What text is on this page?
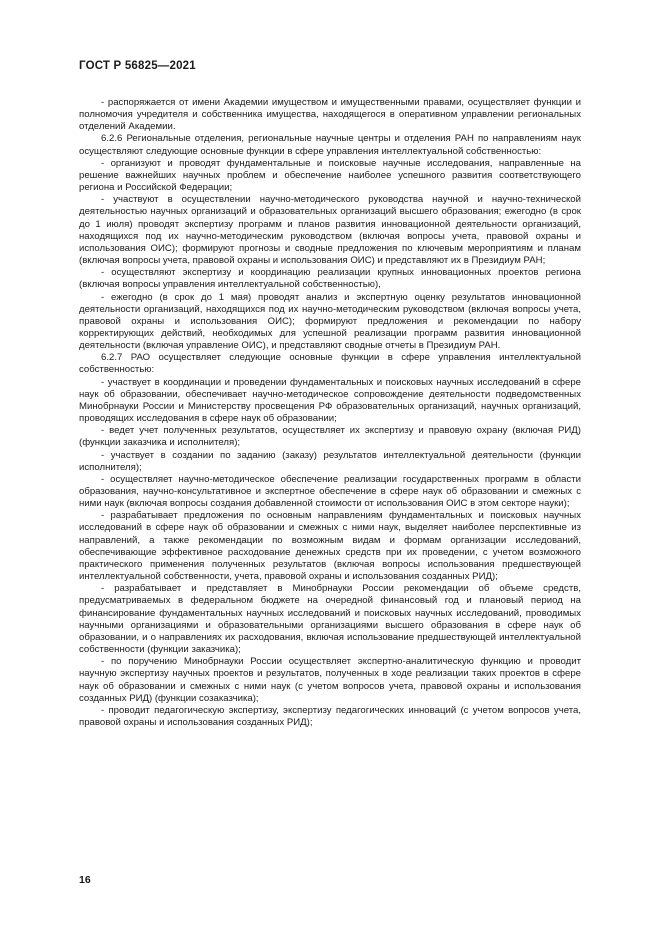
ГОСТ Р 56825—2021

- распоряжается от имени Академии имуществом и имущественными правами, осуществляет функции и полномочия учредителя и собственника имущества, находящегося в оперативном управлении региональных отделений Академии.

6.2.6 Региональные отделения, региональные научные центры и отделения РАН по направлениям наук осуществляют следующие основные функции в сфере управления интеллектуальной собственностью:

- организуют и проводят фундаментальные и поисковые научные исследования, направленные на решение важнейших научных проблем и обеспечение наиболее успешного развития соответствующего региона и Российской Федерации;

- участвуют в осуществлении научно-методического руководства научной и научно-технической деятельностью научных организаций и образовательных организаций высшего образования; ежегодно (в срок до 1 июля) проводят экспертизу программ и планов развития инновационной деятельности организаций, находящихся под их научно-методическим руководством (включая вопросы учета, правовой охраны и использования ОИС); формируют прогнозы и сводные предложения по ключевым мероприятиям и планам (включая вопросы учета, правовой охраны и использования ОИС) и представляют их в Президиум РАН;

- осуществляют экспертизу и координацию реализации крупных инновационных проектов региона (включая вопросы управления интеллектуальной собственностью),

- ежегодно (в срок до 1 мая) проводят анализ и экспертную оценку результатов инновационной деятельности организаций, находящихся под их научно-методическим руководством (включая вопросы учета, правовой охраны и использования ОИС); формируют предложения и рекомендации по набору корректирующих действий, необходимых для успешной реализации программ развития инновационной деятельности (включая управление ОИС), и представляют сводные отчеты в Президиум РАН.

6.2.7 РАО осуществляет следующие основные функции в сфере управления интеллектуальной собственностью:

- участвует в координации и проведении фундаментальных и поисковых научных исследований в сфере наук об образовании, обеспечивает научно-методическое сопровождение деятельности подведомственных Минобрнауки России и Министерству просвещения РФ образовательных организаций, научных организаций, проводящих исследования в сфере наук об образовании;

- ведет учет полученных результатов, осуществляет их экспертизу и правовую охрану (включая РИД) (функции заказчика и исполнителя);

- участвует в создании по заданию (заказу) результатов интеллектуальной деятельности (функции исполнителя);

- осуществляет научно-методическое обеспечение реализации государственных программ в области образования, научно-консультативное и экспертное обеспечение в сфере наук об образовании и смежных с ними наук (включая вопросы создания добавленной стоимости от использования ОИС в этом секторе науки);

- разрабатывает предложения по основным направлениям фундаментальных и поисковых научных исследований в сфере наук об образовании и смежных с ними наук, выделяет наиболее перспективные из направлений, а также рекомендации по возможным видам и формам организации исследований, обеспечивающие эффективное расходование денежных средств при их проведении, с учетом возможного практического применения полученных результатов (включая вопросы использования предшествующей интеллектуальной собственности, учета, правовой охраны и использования созданных РИД);

- разрабатывает и представляет в Минобрнауки России рекомендации об объеме средств, предусматриваемых в федеральном бюджете на очередной финансовый год и плановый период на финансирование фундаментальных научных исследований и поисковых научных исследований, проводимых научными организациями и образовательными организациями высшего образования в сфере наук об образовании, и о направлениях их расходования, включая использование предшествующей интеллектуальной собственности (функции заказчика);

- по поручению Минобрнауки России осуществляет экспертно-аналитическую функцию и проводит научную экспертизу научных проектов и результатов, полученных в ходе реализации таких проектов в сфере наук об образовании и смежных с ними наук (с учетом вопросов учета, правовой охраны и использования созданных РИД) (функции созаказчика);

- проводит педагогическую экспертизу, экспертизу педагогических инноваций (с учетом вопросов учета, правовой охраны и использования созданных РИД);

16
